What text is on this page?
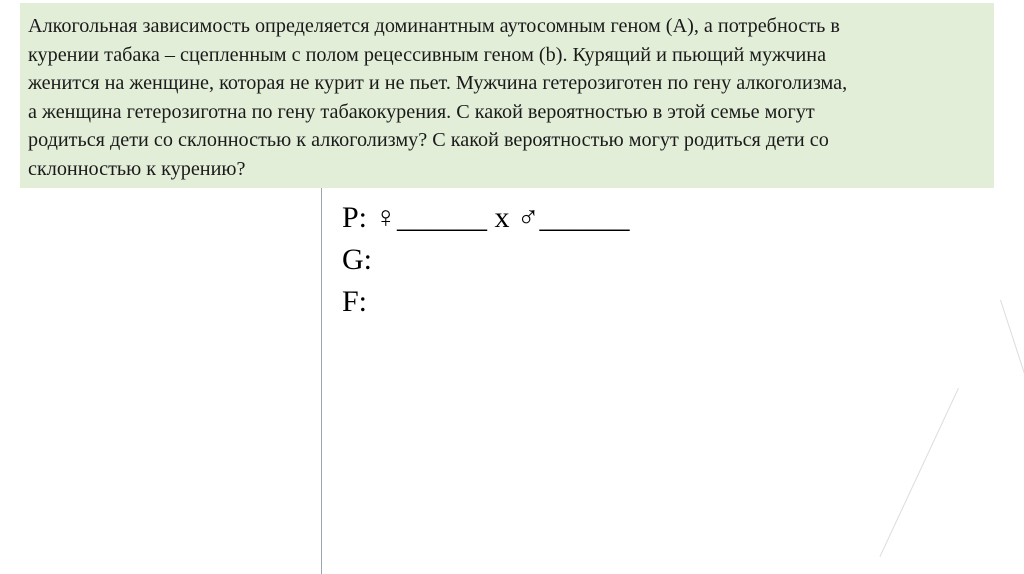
Алкогольная зависимость определяется доминантным аутосомным геном (А), а потребность в
курении табака – сцепленным с полом рецессивным геном (b). Курящий и пьющий мужчина
женится на женщине, которая не курит и не пьет. Мужчина гетерозиготен по гену алкоголизма,
а женщина гетерозиготна по гену табакокурения. С какой вероятностью в этой семье могут
родиться дети со склонностью к алкоголизму? С какой вероятностью могут родиться дети со
склонностью к курению?

P: ♀______ х ♂______
G:
F:
